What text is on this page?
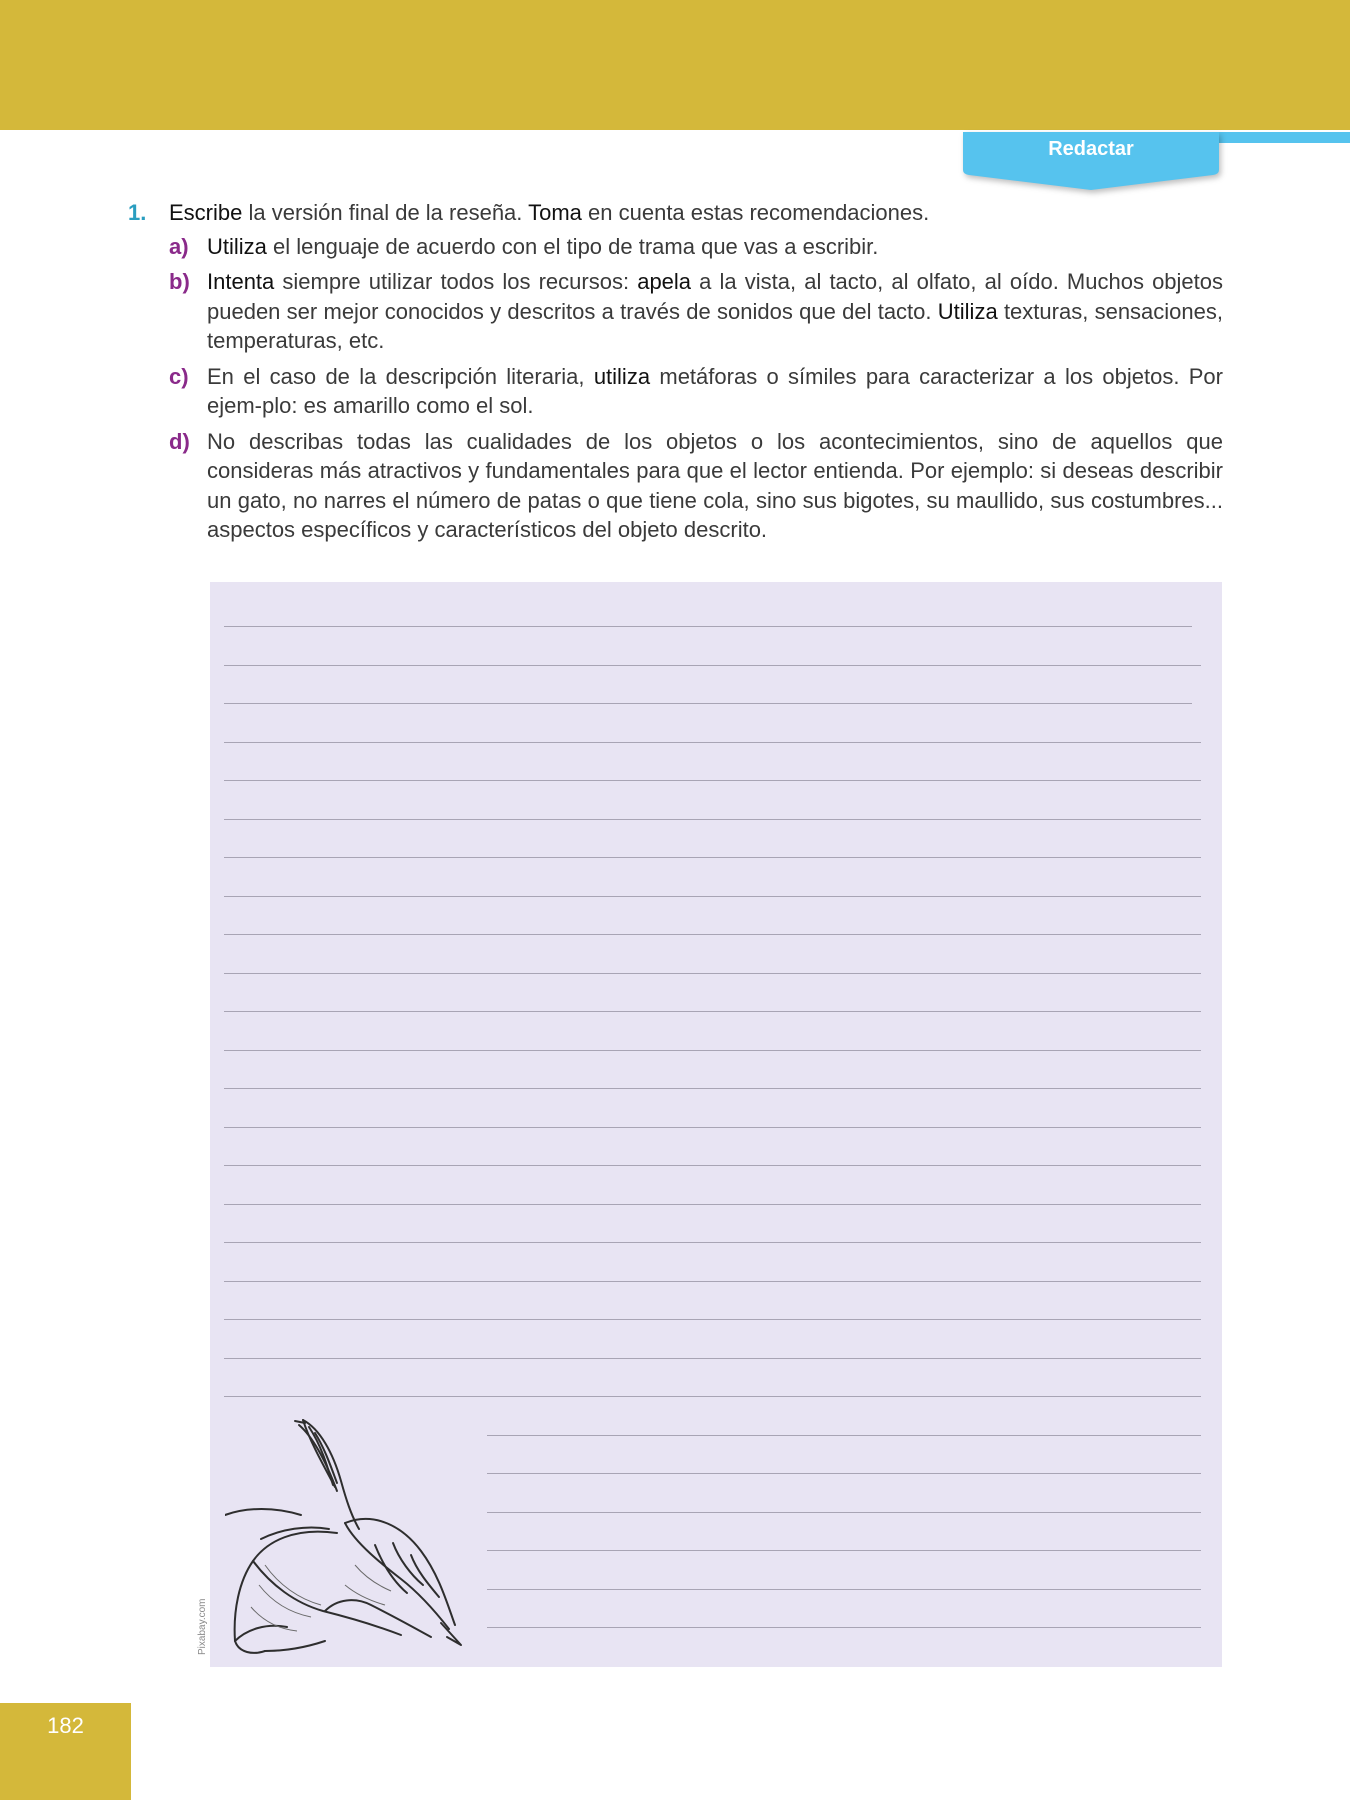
Redactar
1. Escribe la versión final de la reseña. Toma en cuenta estas recomendaciones.
a) Utiliza el lenguaje de acuerdo con el tipo de trama que vas a escribir.
b) Intenta siempre utilizar todos los recursos: apela a la vista, al tacto, al olfato, al oído. Muchos objetos pueden ser mejor conocidos y descritos a través de sonidos que del tacto. Utiliza texturas, sensaciones, temperaturas, etc.
c) En el caso de la descripción literaria, utiliza metáforas o símiles para caracterizar a los objetos. Por ejem-plo: es amarillo como el sol.
d) No describas todas las cualidades de los objetos o los acontecimientos, sino de aquellos que consideras más atractivos y fundamentales para que el lector entienda. Por ejemplo: si deseas describir un gato, no narres el número de patas o que tiene cola, sino sus bigotes, su maullido, sus costumbres... aspectos específicos y característicos del objeto descrito.
Pixabay.com
182
